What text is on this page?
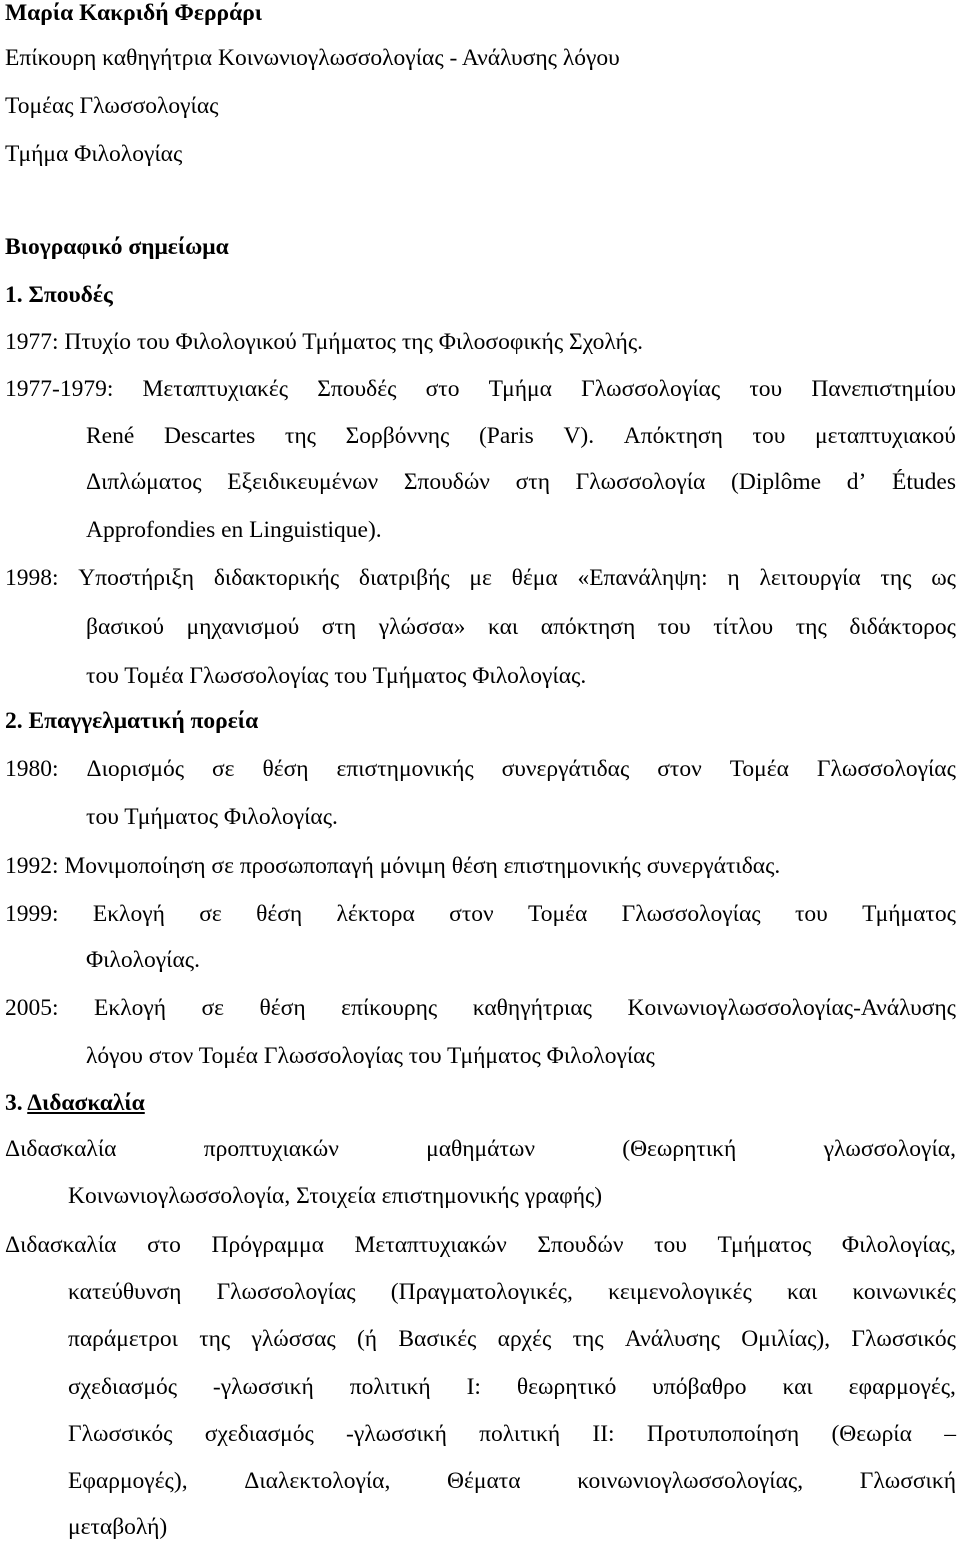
Μαρία Κακριδή Φερράρι
Επίκουρη καθηγήτρια Κοινωνιογλωσσολογίας - Ανάλυσης λόγου
Τομέας Γλωσσολογίας
Τμήμα Φιλολογίας
Βιογραφικό σημείωμα
1. Σπουδές
1977: Πτυχίο του Φιλολογικού Τμήματος της Φιλοσοφικής Σχολής.
1977-1979: Μεταπτυχιακές Σπουδές στο Τμήμα Γλωσσολογίας του Πανεπιστημίου
René Descartes της Σορβόννης (Paris V). Απόκτηση του μεταπτυχιακού
Διπλώματος Εξειδικευμένων Σπουδών στη Γλωσσολογία (Diplôme d’ Études
Approfondies en Linguistique).
1998: Υποστήριξη διδακτορικής διατριβής με θέμα «Επανάληψη: η λειτουργία της ως
βασικού μηχανισμού στη γλώσσα» και απόκτηση του τίτλου της διδάκτορος
του Τομέα Γλωσσολογίας του Τμήματος Φιλολογίας.
2. Επαγγελματική πορεία
1980: Διορισμός σε θέση επιστημονικής συνεργάτιδας στον Τομέα Γλωσσολογίας
του Τμήματος Φιλολογίας.
1992: Μονιμοποίηση σε προσωποπαγή μόνιμη θέση επιστημονικής συνεργάτιδας.
1999: Εκλογή σε θέση λέκτορα στον Τομέα Γλωσσολογίας του Τμήματος
Φιλολογίας.
2005: Εκλογή σε θέση επίκουρης καθηγήτριας Κοινωνιογλωσσολογίας-Ανάλυσης
λόγου στον Τομέα Γλωσσολογίας του Τμήματος Φιλολογίας
3. Διδασκαλία
Διδασκαλία	προπτυχιακών	μαθημάτων	(Θεωρητική	γλωσσολογία,
Κοινωνιογλωσσολογία, Στοιχεία επιστημονικής γραφής)
Διδασκαλία στο Πρόγραμμα Μεταπτυχιακών Σπουδών του Τμήματος Φιλολογίας,
κατεύθυνση Γλωσσολογίας (Πραγματολογικές, κειμενολογικές και κοινωνικές
παράμετροι της γλώσσας (ή Βασικές αρχές της Ανάλυσης Ομιλίας), Γλωσσικός
σχεδιασμός -γλωσσική πολιτική Ι: θεωρητικό υπόβαθρο και εφαρμογές,
Γλωσσικός σχεδιασμός -γλωσσική πολιτική ΙΙ: Προτυποποίηση (Θεωρία –
Εφαρμογές), Διαλεκτολογία, Θέματα κοινωνιογλωσσολογίας, Γλωσσική
μεταβολή)
